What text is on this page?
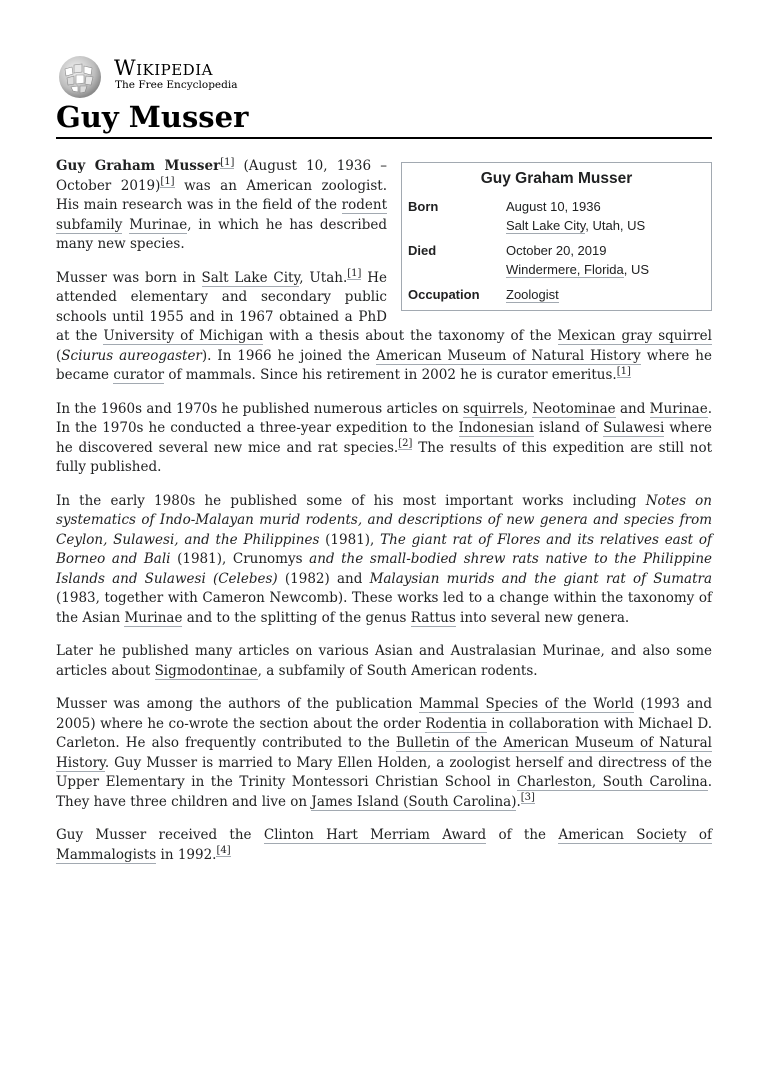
Wikipedia
The Free Encyclopedia
Guy Musser
Guy Graham Musser
Born	August 10, 1936
Salt Lake City, Utah, US
Died	October 20, 2019
Windermere, Florida, US
Occupation	Zoologist

Guy Graham Musser[1] (August 10, 1936 – October 2019)[1] was an American zoologist. His main research was in the field of the rodent subfamily Murinae, in which he has described many new species.

Musser was born in Salt Lake City, Utah.[1] He attended elementary and secondary public schools until 1955 and in 1967 obtained a PhD at the University of Michigan with a thesis about the taxonomy of the Mexican gray squirrel (Sciurus aureogaster). In 1966 he joined the American Museum of Natural History where he became curator of mammals. Since his retirement in 2002 he is curator emeritus.[1]

In the 1960s and 1970s he published numerous articles on squirrels, Neotominae and Murinae. In the 1970s he conducted a three-year expedition to the Indonesian island of Sulawesi where he discovered several new mice and rat species.[2] The results of this expedition are still not fully published.

In the early 1980s he published some of his most important works including Notes on systematics of Indo-Malayan murid rodents, and descriptions of new genera and species from Ceylon, Sulawesi, and the Philippines (1981), The giant rat of Flores and its relatives east of Borneo and Bali (1981), Crunomys and the small-bodied shrew rats native to the Philippine Islands and Sulawesi (Celebes) (1982) and Malaysian murids and the giant rat of Sumatra (1983, together with Cameron Newcomb). These works led to a change within the taxonomy of the Asian Murinae and to the splitting of the genus Rattus into several new genera.

Later he published many articles on various Asian and Australasian Murinae, and also some articles about Sigmodontinae, a subfamily of South American rodents.

Musser was among the authors of the publication Mammal Species of the World (1993 and 2005) where he co-wrote the section about the order Rodentia in collaboration with Michael D. Carleton. He also frequently contributed to the Bulletin of the American Museum of Natural History. Guy Musser is married to Mary Ellen Holden, a zoologist herself and directress of the Upper Elementary in the Trinity Montessori Christian School in Charleston, South Carolina. They have three children and live on James Island (South Carolina).[3]

Guy Musser received the Clinton Hart Merriam Award of the American Society of Mammalogists in 1992.[4]
